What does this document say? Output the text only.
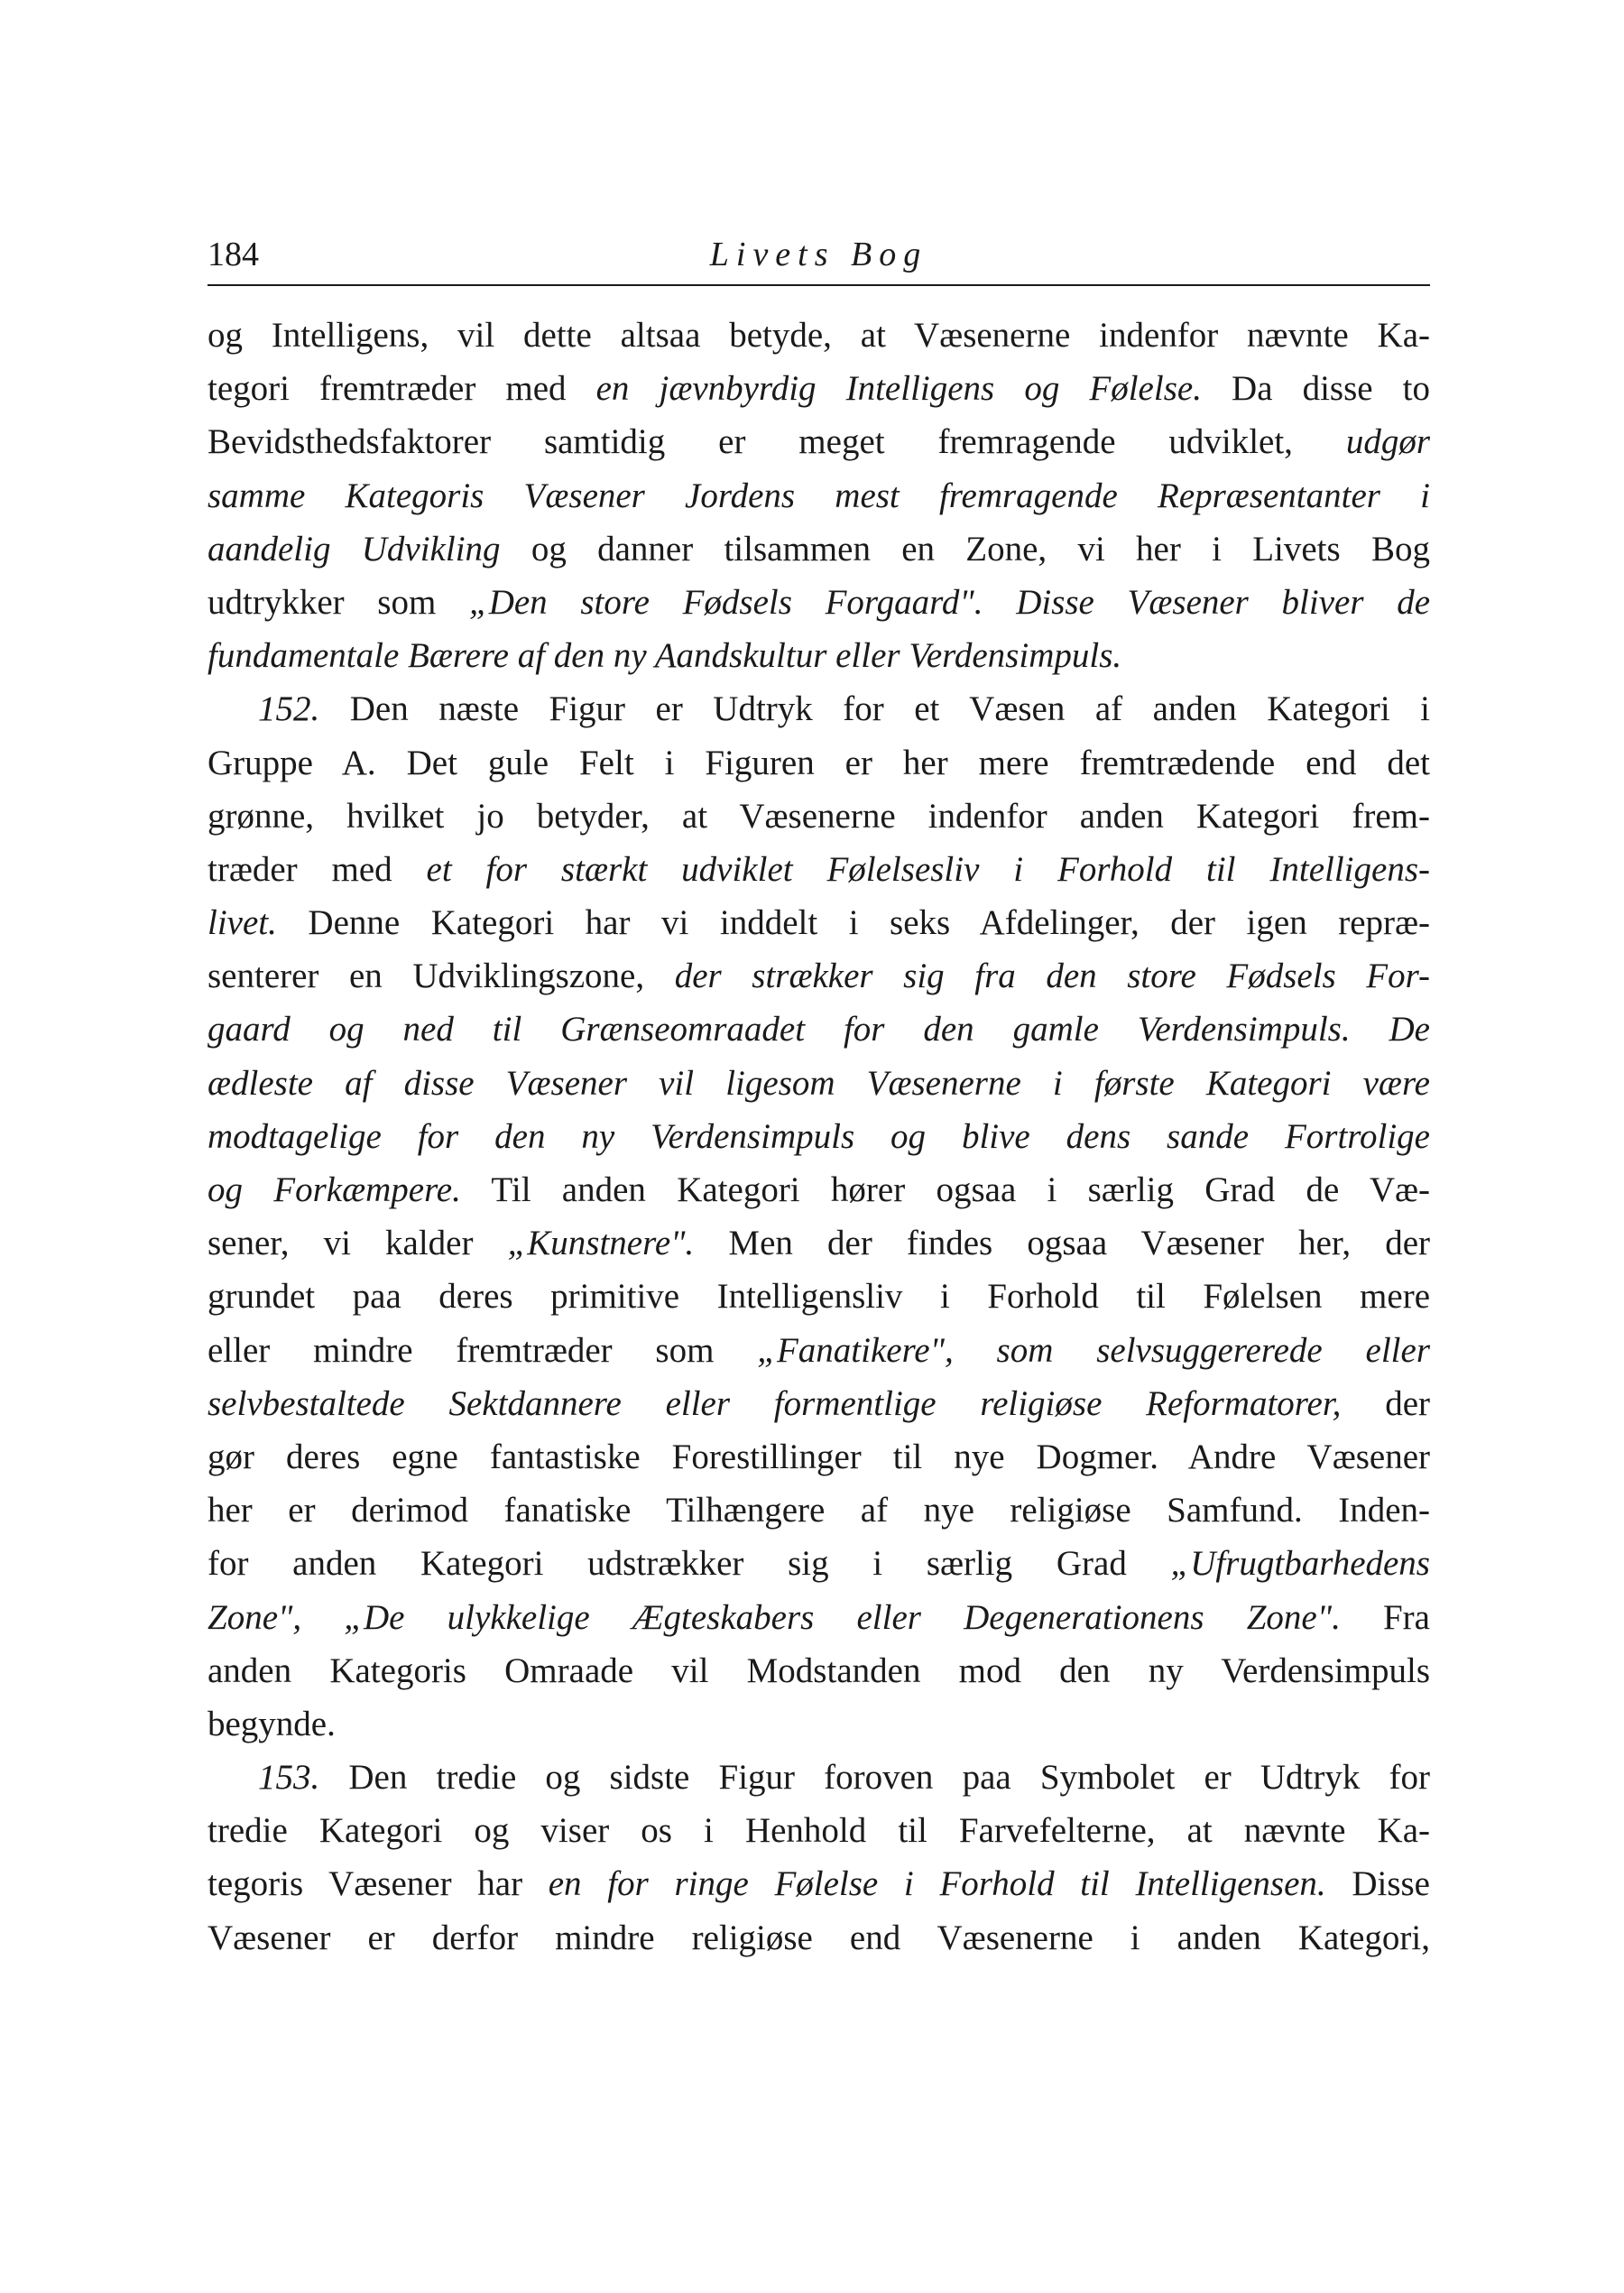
184	Livets Bog
og Intelligens, vil dette altsaa betyde, at Væsenerne indenfor nævnte Ka-
tegori fremtræder med en jævnbyrdig Intelligens og Følelse. Da disse to
Bevidsthedsfaktorer samtidig er meget fremragende udviklet, udgør
samme Kategoris Væsener Jordens mest fremragende Repræsentanter i
aandelig Udvikling og danner tilsammen en Zone, vi her i Livets Bog
udtrykker som „Den store Fødsels Forgaard". Disse Væsener bliver de
fundamentale Bærere af den ny Aandskultur eller Verdensimpuls.
152. Den næste Figur er Udtryk for et Væsen af anden Kategori i
Gruppe A. Det gule Felt i Figuren er her mere fremtrædende end det
grønne, hvilket jo betyder, at Væsenerne indenfor anden Kategori frem-
træder med et for stærkt udviklet Følelsesliv i Forhold til Intelligens-
livet. Denne Kategori har vi inddelt i seks Afdelinger, der igen repræ-
senterer en Udviklingszone, der strækker sig fra den store Fødsels For-
gaard og ned til Grænseomraadet for den gamle Verdensimpuls. De
ædleste af disse Væsener vil ligesom Væsenerne i første Kategori være
modtagelige for den ny Verdensimpuls og blive dens sande Fortrolige
og Forkæmpere. Til anden Kategori hører ogsaa i særlig Grad de Væ-
sener, vi kalder „Kunstnere". Men der findes ogsaa Væsener her, der
grundet paa deres primitive Intelligensliv i Forhold til Følelsen mere
eller mindre fremtræder som „Fanatikere", som selvsuggererede eller
selvbestaltede Sektdannere eller formentlige religiøse Reformatorer, der
gør deres egne fantastiske Forestillinger til nye Dogmer. Andre Væsener
her er derimod fanatiske Tilhængere af nye religiøse Samfund. Inden-
for anden Kategori udstrækker sig i særlig Grad „Ufrugtbarhedens
Zone", „De ulykkelige Ægteskabers eller Degenerationens Zone". Fra
anden Kategoris Omraade vil Modstanden mod den ny Verdensimpuls
begynde.
153. Den tredie og sidste Figur foroven paa Symbolet er Udtryk for
tredie Kategori og viser os i Henhold til Farvefelterne, at nævnte Ka-
tegoris Væsener har en for ringe Følelse i Forhold til Intelligensen. Disse
Væsener er derfor mindre religiøse end Væsenerne i anden Kategori,
